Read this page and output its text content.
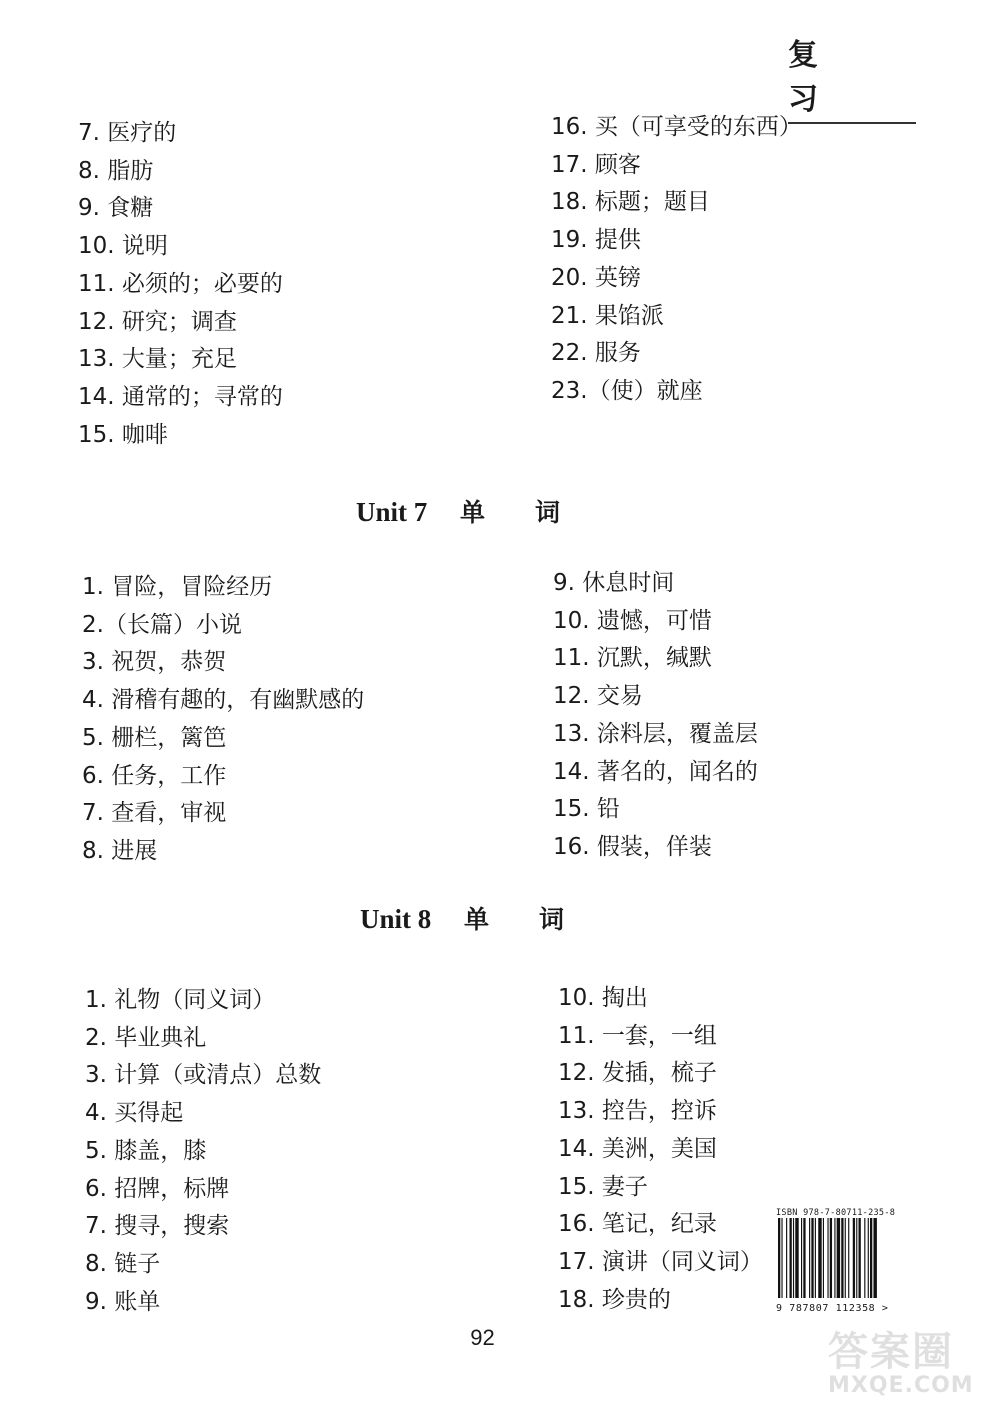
复习
7. 医疗的
8. 脂肪
9. 食糖
10. 说明
11. 必须的；必要的
12. 研究；调查
13. 大量；充足
14. 通常的；寻常的
15. 咖啡
16. 买（可享受的东西）
17. 顾客
18. 标题；题目
19. 提供
20. 英镑
21. 果馅派
22. 服务
23.（使）就座
Unit 7 单　　词
1. 冒险，冒险经历
2.（长篇）小说
3. 祝贺，恭贺
4. 滑稽有趣的，有幽默感的
5. 栅栏，篱笆
6. 任务，工作
7. 查看，审视
8. 进展
9. 休息时间
10. 遗憾，可惜
11. 沉默，缄默
12. 交易
13. 涂料层，覆盖层
14. 著名的，闻名的
15. 铅
16. 假装，佯装
Unit 8 单　　词
1. 礼物（同义词）
2. 毕业典礼
3. 计算（或清点）总数
4. 买得起
5. 膝盖，膝
6. 招牌，标牌
7. 搜寻，搜索
8. 链子
9. 账单
10. 掏出
11. 一套，一组
12. 发插，梳子
13. 控告，控诉
14. 美洲，美国
15. 妻子
16. 笔记，纪录
17. 演讲（同义词）
18. 珍贵的
92
ISBN 978-7-80711-235-8
9 787807 112358 >
答案圈
MXQE.COM
